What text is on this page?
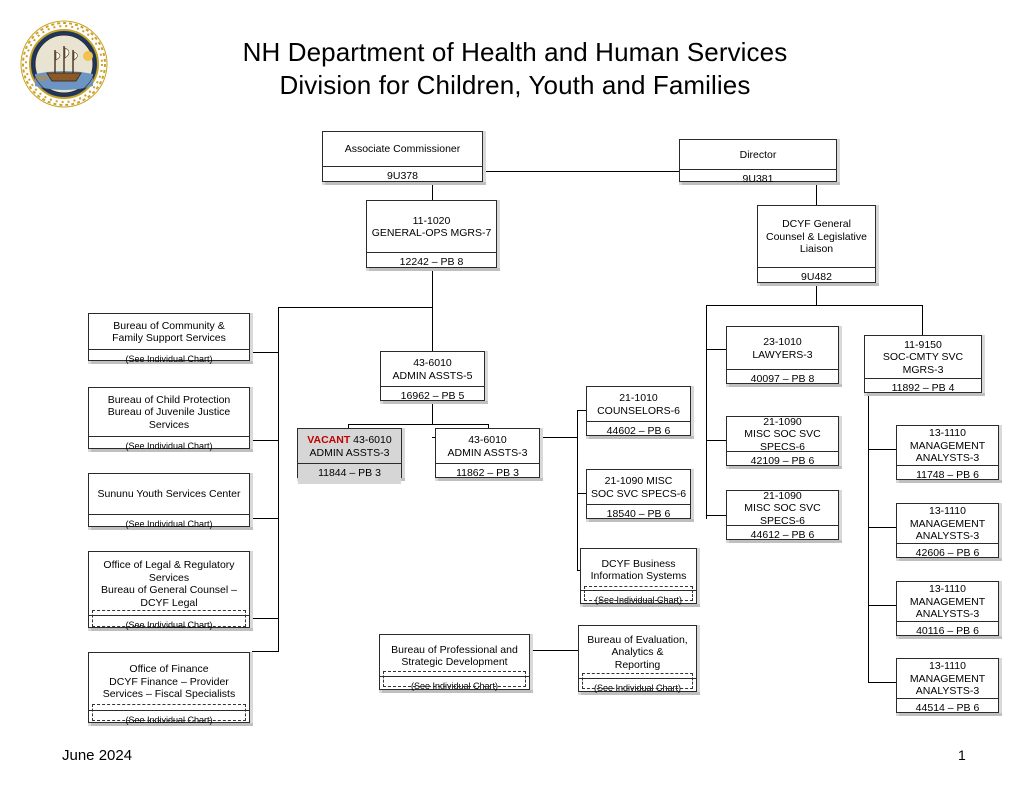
NH Department of Health and Human Services
Division for Children, Youth and Families
Associate Commissioner
9U378
Director
9U381
11-1020
GENERAL-OPS MGRS-7
12242 – PB 8
DCYF General
Counsel & Legislative
Liaison
9U482
43-6010
ADMIN ASSTS-5
16962 – PB 5
VACANT 43-6010
ADMIN ASSTS-3
11844 – PB 3
43-6010
ADMIN ASSTS-3
11862 – PB 3
21-1010
COUNSELORS-6
44602 – PB 6
21-1090 MISC
SOC SVC SPECS-6
18540 – PB 6
23-1010
LAWYERS-3
40097 – PB 8
21-1090
MISC SOC SVC SPECS-6
42109 – PB 6
21-1090
MISC SOC SVC SPECS-6
44612 – PB 6
11-9150
SOC-CMTY SVC MGRS-3
11892 – PB 4
13-1110 MANAGEMENT
ANALYSTS-3
11748 – PB 6
13-1110 MANAGEMENT
ANALYSTS-3
42606 – PB 6
13-1110 MANAGEMENT
ANALYSTS-3
40116 – PB 6
13-1110 MANAGEMENT
ANALYSTS-3
44514 – PB 6
Bureau of Community &
Family Support Services
(See Individual Chart)
Bureau of Child Protection
Bureau of Juvenile Justice
Services
(See Individual Chart)
Sununu Youth Services Center
(See Individual Chart)
Office of Legal & Regulatory
Services
Bureau of General Counsel –
DCYF Legal
(See Individual Chart)
Office of Finance
DCYF Finance – Provider
Services – Fiscal Specialists
(See Individual Chart)
DCYF Business
Information Systems
(See Individual Chart)
Bureau of Professional and
Strategic Development
(See Individual Chart)
Bureau of Evaluation,
Analytics &
Reporting
(See Individual Chart)
June 2024	1
